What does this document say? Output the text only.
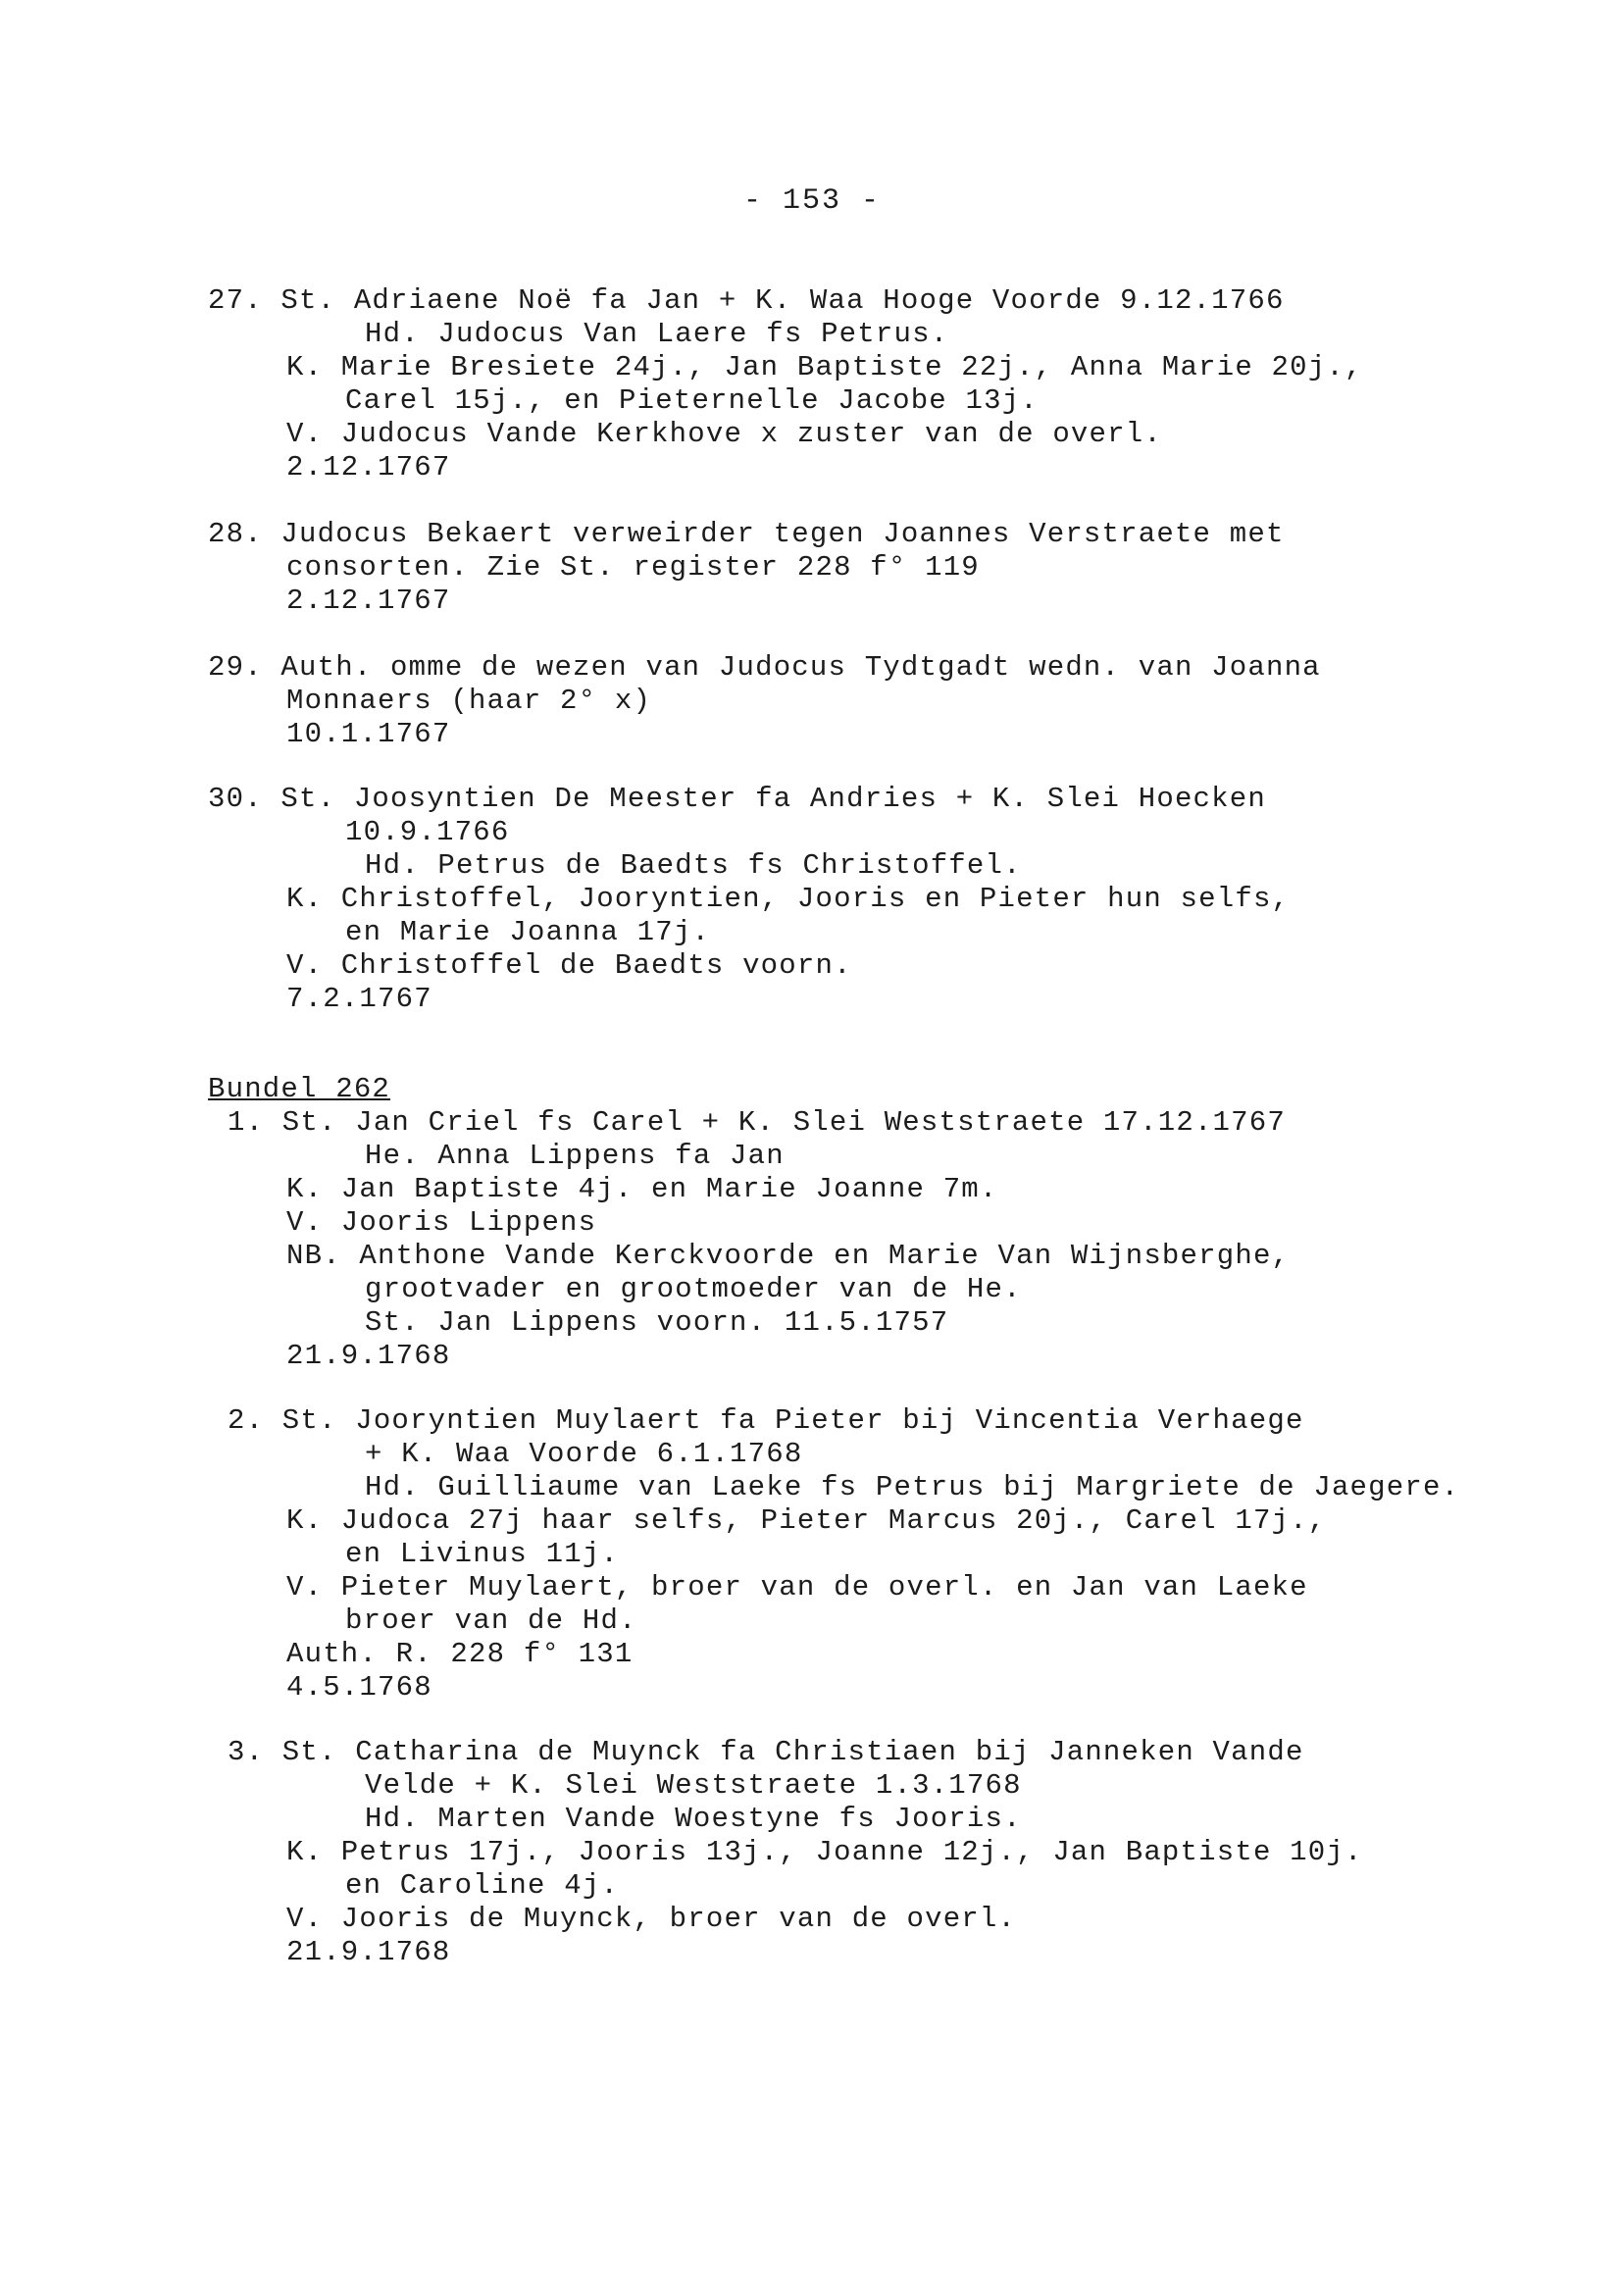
- 153 -
27. St. Adriaene Noë fa Jan + K. Waa Hooge Voorde 9.12.1766
Hd. Judocus Van Laere fs Petrus.
K. Marie Bresiete 24j., Jan Baptiste 22j., Anna Marie 20j.,
Carel 15j., en Pieternelle Jacobe 13j.
V. Judocus Vande Kerkhove x zuster van de overl.
2.12.1767
28. Judocus Bekaert verweirder tegen Joannes Verstraete met
consorten. Zie St. register 228 f° 119
2.12.1767
29. Auth. omme de wezen van Judocus Tydtgadt wedn. van Joanna
Monnaers (haar 2° x)
10.1.1767
30. St. Joosyntien De Meester fa Andries + K. Slei Hoecken
10.9.1766
Hd. Petrus de Baedts fs Christoffel.
K. Christoffel, Jooryntien, Jooris en Pieter hun selfs,
en Marie Joanna 17j.
V. Christoffel de Baedts voorn.
7.2.1767
Bundel 262
1. St. Jan Criel fs Carel + K. Slei Weststraete 17.12.1767
He. Anna Lippens fa Jan
K. Jan Baptiste 4j. en Marie Joanne 7m.
V. Jooris Lippens
NB. Anthone Vande Kerckvoorde en Marie Van Wijnsberghe,
grootvader en grootmoeder van de He.
St. Jan Lippens voorn. 11.5.1757
21.9.1768
2. St. Jooryntien Muylaert fa Pieter bij Vincentia Verhaege
+ K. Waa Voorde 6.1.1768
Hd. Guilliaume van Laeke fs Petrus bij Margriete de Jaegere.
K. Judoca 27j haar selfs, Pieter Marcus 20j., Carel 17j.,
en Livinus 11j.
V. Pieter Muylaert, broer van de overl. en Jan van Laeke
broer van de Hd.
Auth. R. 228 f° 131
4.5.1768
3. St. Catharina de Muynck fa Christiaen bij Janneken Vande
Velde + K. Slei Weststraete 1.3.1768
Hd. Marten Vande Woestyne fs Jooris.
K. Petrus 17j., Jooris 13j., Joanne 12j., Jan Baptiste 10j.
en Caroline 4j.
V. Jooris de Muynck, broer van de overl.
21.9.1768
